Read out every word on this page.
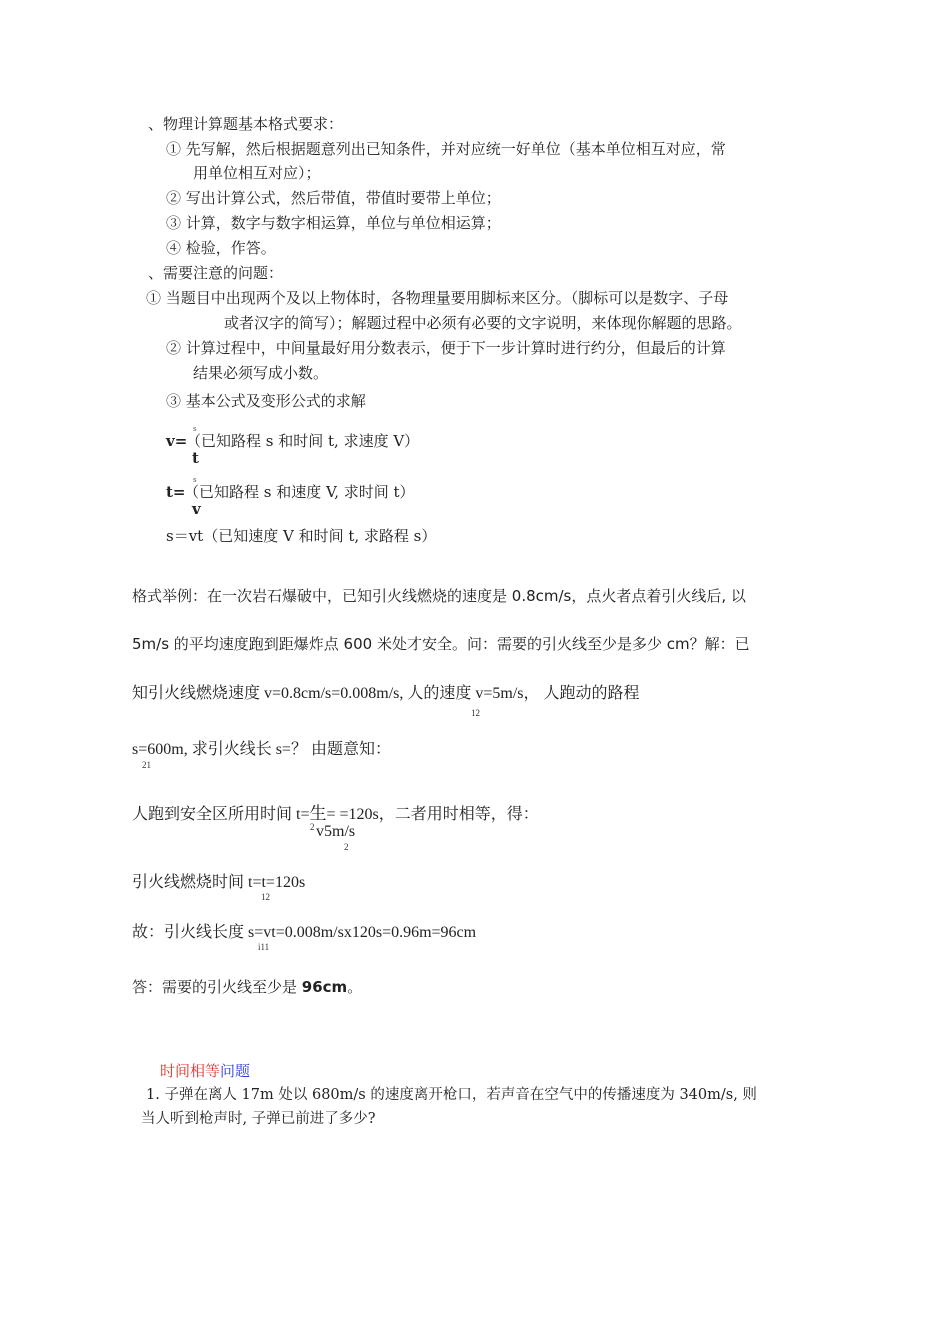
、物理计算题基本格式要求：
① 先写解，然后根据题意列出已知条件，并对应统一好单位（基本单位相互对应，常
用单位相互对应）；
② 写出计算公式，然后带值，带值时要带上单位；
③ 计算，数字与数字相运算，单位与单位相运算；
④ 检验，作答。
、需要注意的问题：
① 当题目中出现两个及以上物体时，各物理量要用脚标来区分。（脚标可以是数字、子母
或者汉字的简写）；解题过程中必须有必要的文字说明，来体现你解题的思路。
② 计算过程中，中间量最好用分数表示，便于下一步计算时进行约分，但最后的计算
结果必须写成小数。
③ 基本公式及变形公式的求解
v=
s
（已知路程 s 和时间 t, 求速度 V）
t
t=
s
（已知路程 s 和速度 V, 求时间 t）
v
s＝vt（已知速度 V 和时间 t, 求路程 s）
格式举例：在一次岩石爆破中，已知引火线燃烧的速度是 0.8cm/s，点火者点着引火线后, 以
5m/s 的平均速度跑到距爆炸点 600 米处才安全。问：需要的引火线至少是多少 cm？解：已
知引火线燃烧速度 v=0.8cm/s=0.008m/s, 人的速度 v=5m/s， 人跑动的路程
12
s=600m, 求引火线长 s=？ 由题意知：
21
人跑到安全区所用时间 t=生= =120s，二者用时相等，得：
2 v5m/s
2
引火线燃烧时间 t=t=120s
12
故：引火线长度 s=vt=0.008m/sx120s=0.96m=96cm
i11
答：需要的引火线至少是 96cm。
时间相等问题
1. 子弹在离人 17m 处以 680m/s 的速度离开枪口，若声音在空气中的传播速度为 340m/s, 则
当人听到枪声时, 子弹已前进了多少?
